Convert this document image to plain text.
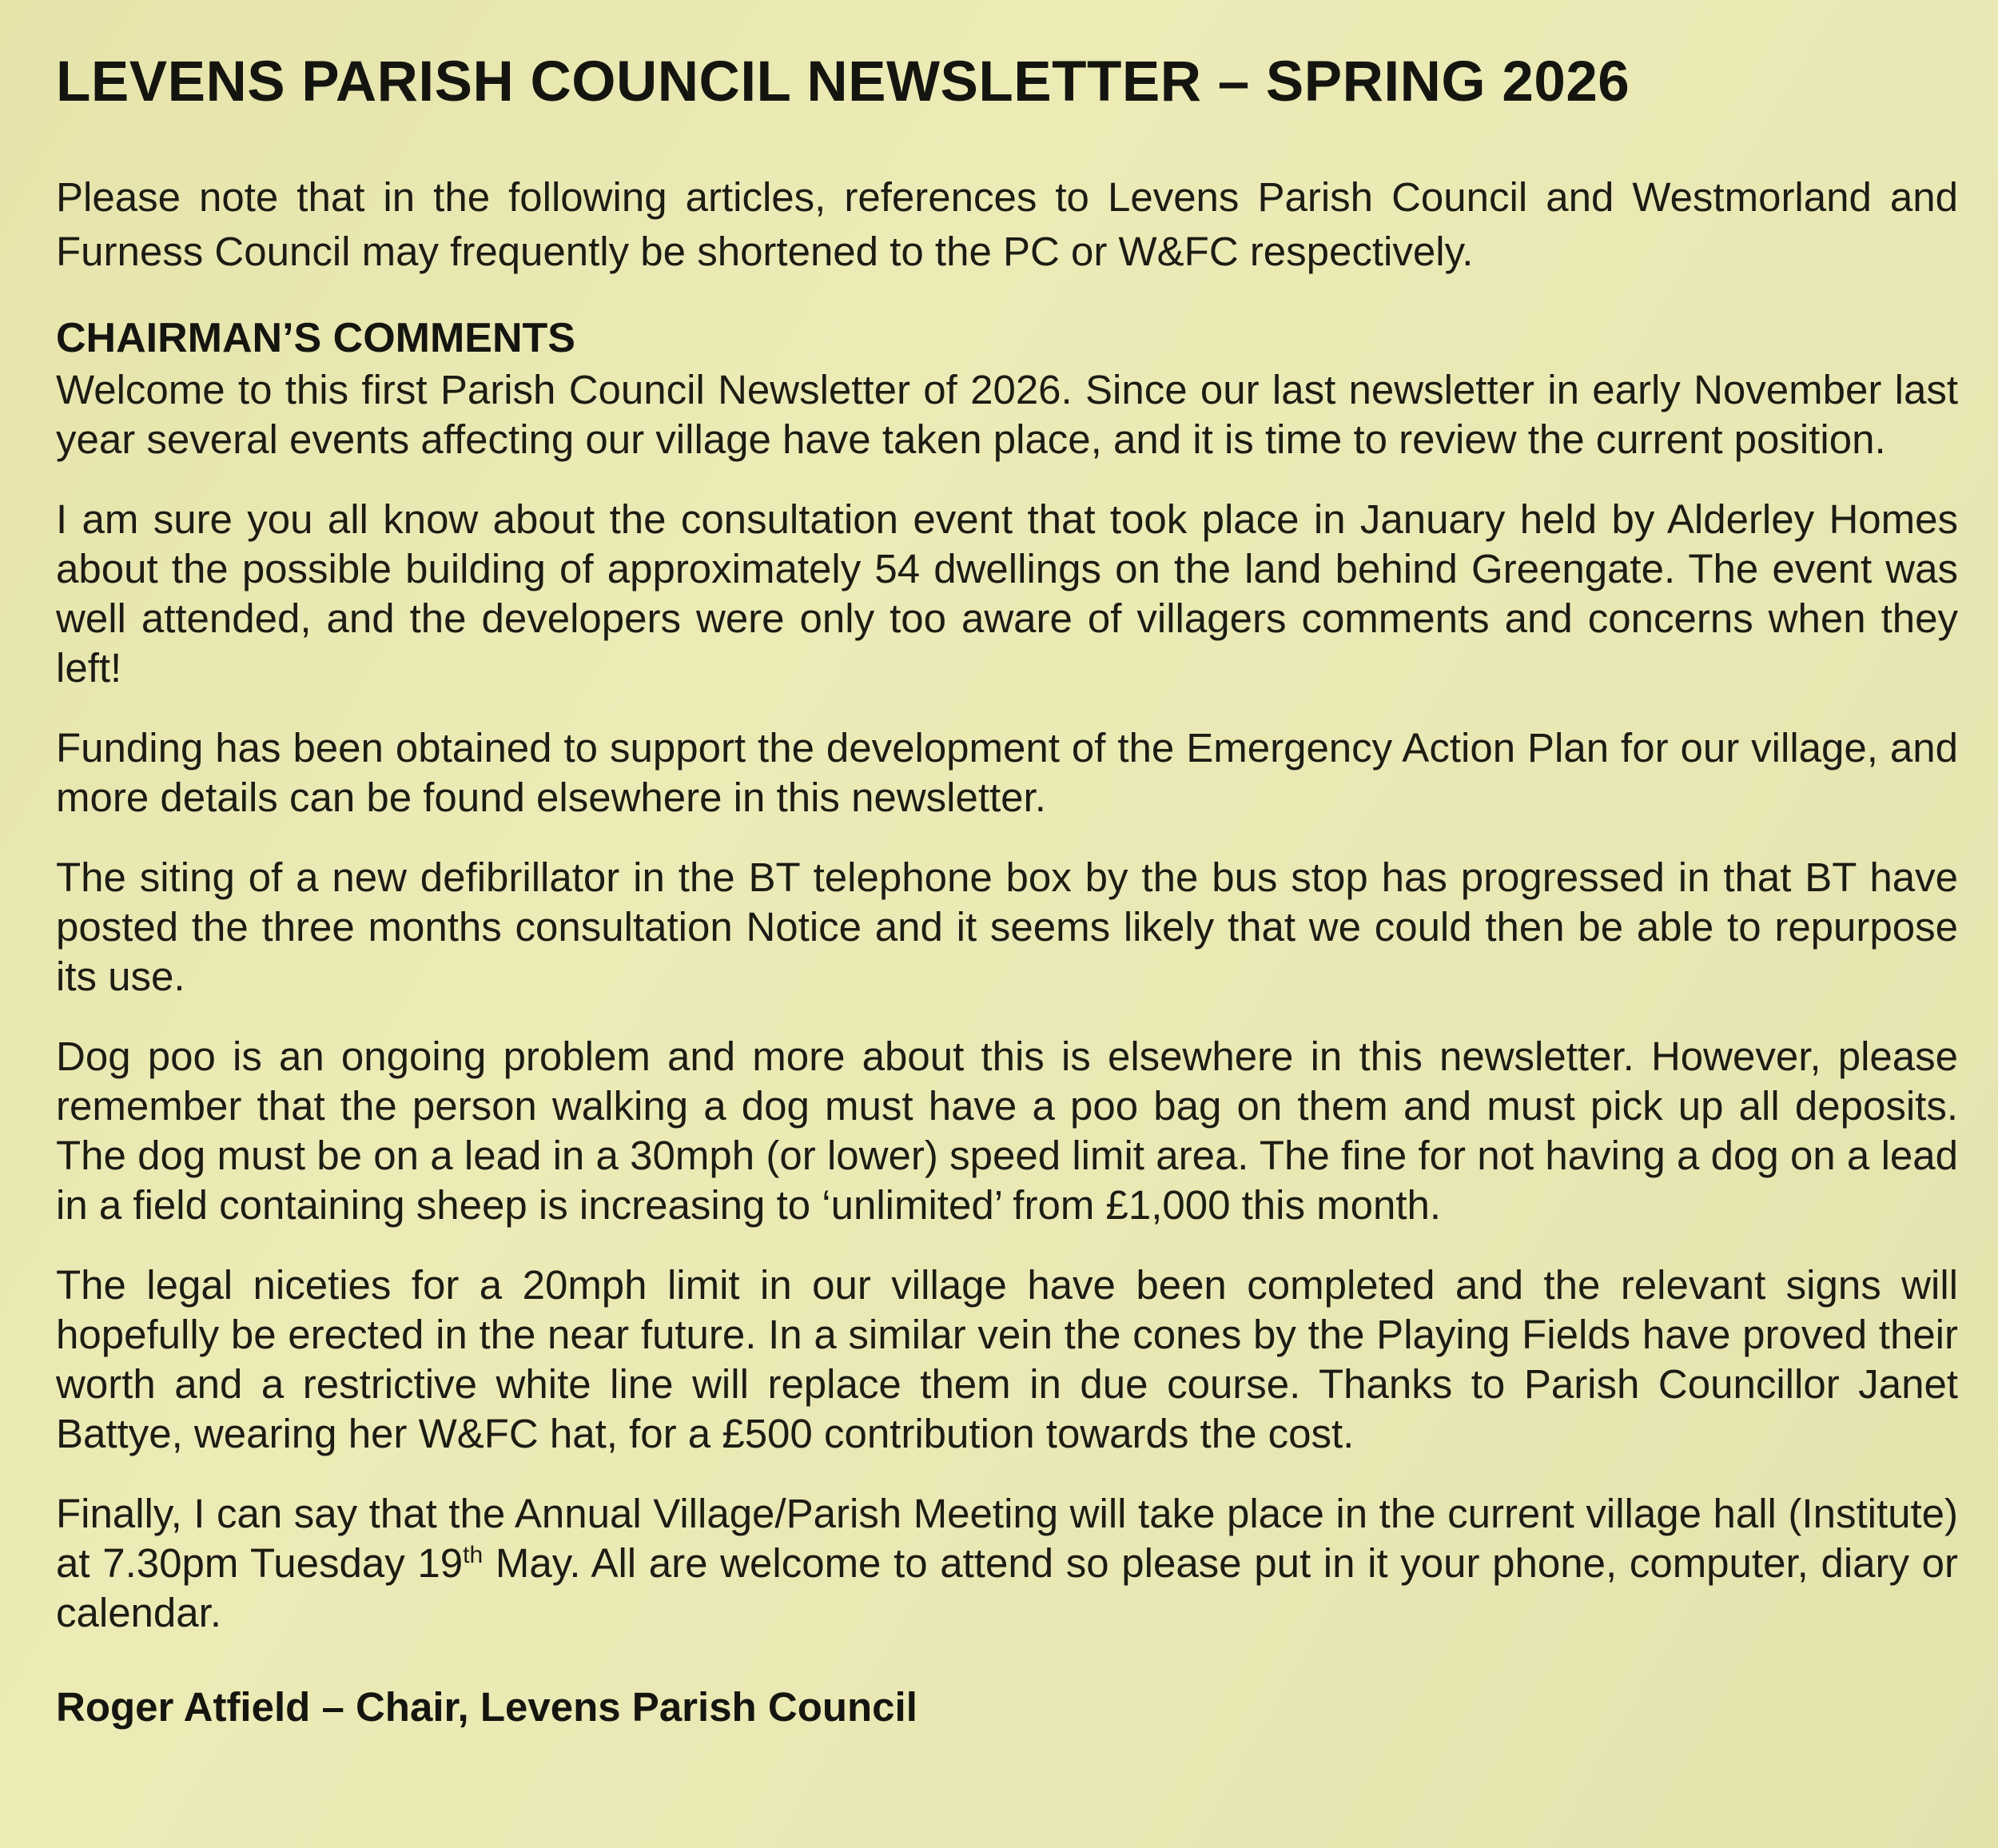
LEVENS PARISH COUNCIL NEWSLETTER – SPRING 2026

Please note that in the following articles, references to Levens Parish Council and Westmorland and Furness Council may frequently be shortened to the PC or W&FC respectively.

CHAIRMAN’S COMMENTS

Welcome to this first Parish Council Newsletter of 2026. Since our last newsletter in early November last year several events affecting our village have taken place, and it is time to review the current position.

I am sure you all know about the consultation event that took place in January held by Alderley Homes about the possible building of approximately 54 dwellings on the land behind Greengate. The event was well attended, and the developers were only too aware of villagers comments and concerns when they left!

Funding has been obtained to support the development of the Emergency Action Plan for our village, and more details can be found elsewhere in this newsletter.

The siting of a new defibrillator in the BT telephone box by the bus stop has progressed in that BT have posted the three months consultation Notice and it seems likely that we could then be able to repurpose its use.

Dog poo is an ongoing problem and more about this is elsewhere in this newsletter. However, please remember that the person walking a dog must have a poo bag on them and must pick up all deposits. The dog must be on a lead in a 30mph (or lower) speed limit area. The fine for not having a dog on a lead in a field containing sheep is increasing to ‘unlimited’ from £1,000 this month.

The legal niceties for a 20mph limit in our village have been completed and the relevant signs will hopefully be erected in the near future. In a similar vein the cones by the Playing Fields have proved their worth and a restrictive white line will replace them in due course. Thanks to Parish Councillor Janet Battye, wearing her W&FC hat, for a £500 contribution towards the cost.

Finally, I can say that the Annual Village/Parish Meeting will take place in the current village hall (Institute) at 7.30pm Tuesday 19th May. All are welcome to attend so please put in it your phone, computer, diary or calendar.

Roger Atfield – Chair, Levens Parish Council
